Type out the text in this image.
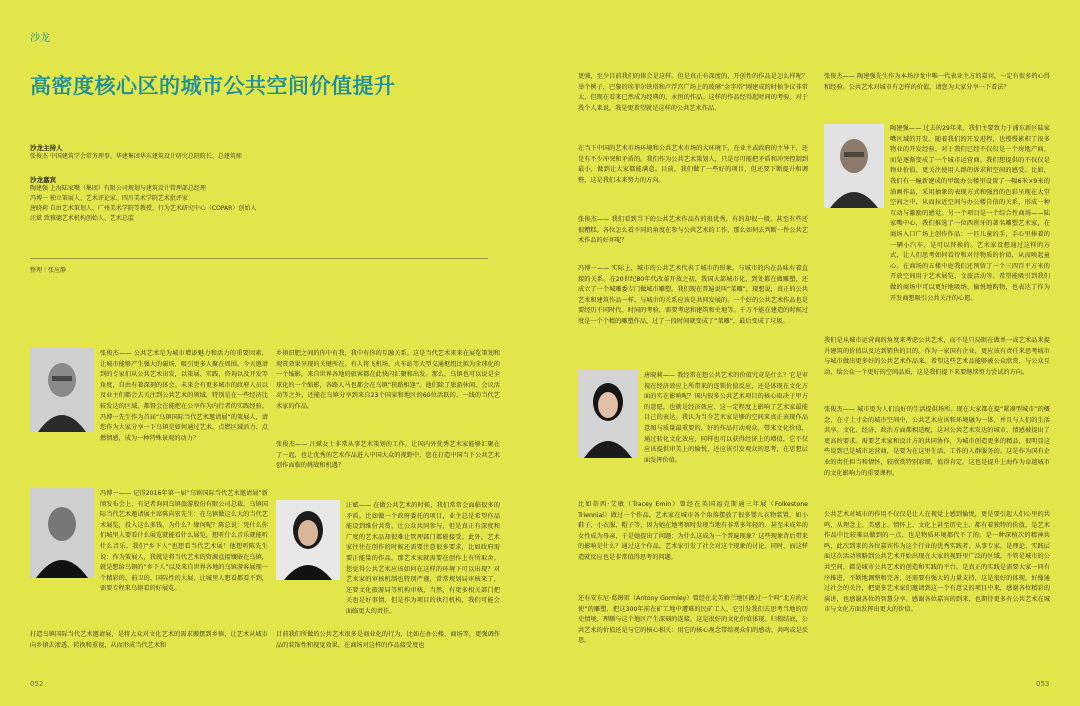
沙龙
高密度核心区的城市公共空间价值提升
沙龙主持人
张俊杰 中国建筑学会常务理事、华建集团华东建筑设计研究总院院长、总建筑师
沙龙嘉宾
陶建强 上海陆家嘴（集团）有限公司规划与建筑设计管理部总经理
冯博一 独立策展人、艺术评论家、四川美术学院艺术批评家
唐晓莉 自由艺术策划人、广州美术学院等教授、行为艺术研究中心（COPAR）创始人
汪斌 致雅德艺术机构创始人、艺术总监
整理｜张应静
张俊杰—— 公共艺术是为城市增添魅力和活力的重要因素，让城市能够产生强大的磁场，吸引更多人聚在周围。今天邀请到的专家们从公共艺术出发，以策展、实践、咨询以及开发等角度，自由有着深刻的体会。未来会有更多城市的政府人员以及业主们都会去关注到公共艺术的领域，特别是在一些经济比较发达的区域，都督会在能把在公享作为内行者的实践经验。冯博一先生作为首届“乌镇国际当代艺术邀请展”的策展人，请您作为大家分享一下乌镇是如何通过艺术，点燃区域活力、点燃情感，成为一种特殊景观的动力？
冯博一—— 记得2016年第一届“乌镇国际当代艺术邀请展”新闻发布会上，有记者询问乌镇旅游股份有限公司总裁、乌镇国际当代艺术邀请展主席陈向宏先生：在乌镇做这么大的当代艺术展览，投入这么多钱，为什么？缘何呢？陈总说：凭什么你们城里人要看什么展览就能看什么展览，想听什么音乐就能听什么音乐。我们“乡下人”也想看当代艺术展！他想听陈先生说：作为策展人，我就是将当代艺术的资源直接镶嵌在乌镇，就是想给乌镇的“乡下人”以及来自世界各地的乌镇游客展现一个精彩的、前卫的、国际性的大展，让城里人想看都看不到，需要专程来乌镇看的好展览。
打造乌镇国际当代艺术邀请展，是将大众对文化艺术的需求搬摆到乡镇，让艺术从城市向乡镇去渗透、转换和重视，从而形成当代艺术和
052
乡镇旧肥之间的你中有我，我中有你的互融关系。这是当代艺术来来在展览策划和观赏效果呈现的关键所在。有人将飞机场、火车站等大型交通枢纽比拟为全球化的一个缩影，来自世界各地的旅客都在此快闪汇聚和出发。那么，乌镇也可以说是全球化的一个缩影，各路人马也都会在乌镇“狭路相逢”。他们除了旅游休闲、会议活动等之外，还能在乌镇分享到来自23个国家和地区的60位活跃的、一线的当代艺术家的作品。
张俊杰—— 汪斌女士非常从事艺术策划的工作，让国内外优秀艺术家能够汇聚在了一起，也让优秀的艺术作品进入中国大众的视野中，您在打造中国当下公共艺术创作面临的挑战和机遇？
汪斌—— 在做公共艺术的时候，我们常常会面临很多的矛盾。比如做一个政府委托的项目，业主总是希望作品能设到维份共赏，让公众共同参与，但是真正有深度和广度的艺术品却很难让管理部门都能接受。此外，艺术家往往在创作的时候还需要注意很多要求，比如政府需要正能量的作品，那艺术家就需要在创作上有所取舍。您觉得公共艺术应该如何在这样的环境下可以出现？对艺术家的审核机制也特别严谨，常常规划局审核来了，还要文化旅游局等机构审核，当然，有更多相关部门把关也是好事情，但是作为项目的执行机构，我们可能会面临更大的责任。
目前我们所做的公共艺术很多是商业化的行为，比如在办公楼、商场等，更强调作品的装饰性和视觉效果，在商场对这样的作品接受度也
更强，至少目前我们的体会是这样。但是真正有深度的、开创性的作品是怎么样呢？举个例子，巴黎的埃菲尔铁塔和卢浮宫广场上的玻璃“金字塔”刚建成的时候争议非常大，但现在看来已然成为经典的、永恒的作品。这样的作品经得起时间的考验。对于我个人来说，我是更希望就是这样的公共艺术作品。
在当下中国的艺术市场环境和公共艺术市场的大环境下，在业主或政府的主导下，还是有不少冲突和矛盾的。我们作为公共艺术策划人，只是尽可能把矛盾和冲突控制到最小，做到让大家都能满意。目前，我们做了一些好的项目，但还要下断提升和调整，这是我们未来努力的方向。
张俊杰—— 我们看到当下的公共艺术作品有的很优秀，有的却很一般，甚至有些还很糟糕。各位怎么看不同的角度在参与公共艺术的工作，那么如何去判断一件公共艺术作品的好坏呢？
冯博一—— 实际上，城市的公共艺术代表了城市的形象，与城市的内在品味有着直接的关系。在20世纪80年代改革开放之初，我国大部城市化，到处都在做雕塑，还成立了一个城雕委专门做城市雕塑。我们现在普遍说叫“菜雕”，现想说，真正的公共艺术和建筑作品一样，与城市的关系应该是共同发展的。一个好的公共艺术作品也是要经历不同时代、时间的考验，需要考虑和建筑和史地等。千万不能在建造的时候过度是一个个精的雕塑作品，过了一段时间就变成了“菜雕”，最后变成了垃圾。
唐晓莉—— 我经常在想公共艺术的价值究竟是什么？它是审视在经济效应上所带来的连锁价值反应，还是体现在文化方面的实在影响呢？国内很多公共艺术项目的核心取决于甲方的意愿，也就是经济效应，这一定程度上影响了艺术家最能目己的表达。我认为当今艺术家是够的空间来真正表现作品意图与质量最重要的。好的作品打动观众，带来文化价值，通过转化文化效应，同样也可以获得经济上的增值，它不仅应该提供审美上的愉悦，还应该引发观众的思考，在思想层面发挥价值。
比如蒂西·艾敏（Tracey Emin）曾经在英国福克斯通三年展（Folkestone Triennial）做过一个作品，艺术家在城市各个角落摆放了很多婴儿衣物装置，如小鞋子、小衣服、帽子等，因为她在地考察时发现当地有非常多年轻的、甚至未成年的女性成为母亲，于是她提出了问题：为什么这成为一个普遍现象？这些现象背后带来的影响是什么？通过这个作品，艺术家引发了社会对这个现象的讨论，同时，而这样造就反应也是非常值得思考的问题。
还有安东尼·葛姆雷（Antony Gormley）曾经在北英格兰地区做过一个叫“北方的天使”的雕塑，把这300年前在矿工地中遭难的民矿工人，它引发我们去思考当地的历史情境，理顺与这个地区产生深刻的连接。这是很好的文化价值体现。归根结底，公共艺术的价值还是与它的核心相关：用它的核心观念带给观众们的感动、共鸣或是反思。
张俊杰—— 陶建强先生作为本场沙龙中唯一代表业主方的嘉宾，一定有很多的心得和经验。公共艺术对城市有怎样的价值，请您为大家分享一下看法？
陶建强—— 过去的29年来，我们主要致力于浦东新区陆家嘴区域的开发。随着我们的开发进程，也慢慢累积了很多物业的开发经验。对于我们已经不仅仅是一个房地产商，而是逐渐变成了一个城市运营商。我们想提供的不仅仅是物业价值。更关注使用人群的诉求和空间的感受。比如，我们有一幢新建成的甲级办公楼里设置了一幅6米×9米的油画作品，采用抽象的表现方式和强烈的色彩呈现在大堂空间之中，从而拉近空间与办公楼自信的关系，形成一种互动与激励的感觉。另一个项目是一个综合性商场——陆家嘴中心，我们推选了一位西班牙的著名雕塑艺术家，在商场入口广场上创作作品：一匹儿童的手，手心里捧着的一辆小汽车，是可以替换的。艺术家设想通过这样的方式，让人们思考如何看待和对待物质的价值，从而唤起童心。在商场的五楼中庭我们还预留了一个三四百平方米的开放空间用于艺术展览、文旅活动等。希望能吸引到我们做的商场中可以更好地吸纳、愉悦地购物，也表达了作为开发商想吸引公共关注的心愿。
我们是从城市运营商的角度来考虑公共艺术，而不是只局限在做单一或艺术品来提升建筑的价值以及达到销售的目的。作为一家国有企业，更应该有责任来思考城市与城市做出更多好的公共艺术作品来。希望这些艺术品能够被公众欣赏，与公众互动，给公众一个更好的空间品质，这是我们提下来要继续努力尝试的方向。
张俊杰—— 城市更为人们良好的生活提供场所。现在大家都在提“紧凑型城市”的概念，在寸土寸金的城市空间中，公共艺术应该和环境融为一体，并且与人们的生活共享。文化、经济、政治方面都相适配，这对公共艺术发达的城市，情感被提出了更高的要求。需要艺术家和设计方的共同协作，为城市创造更多的精品，很明显这些说到已是城市运营商，是要为在这里生活、工作的人群服务的。这是作为国有企业的责任担当和情怀，较欣赏特别彩细，值得肯定。这也是提升上海作为卓越城市的文化影响力的重要课程。
公共艺术对城市的作用不仅仅是让人在视觉上感到愉悦，更是要引起人们心里的共鸣，从理念上、美感上、情怀上、文化上甚至历史上，都有着独特的价值，是艺术作品中比较难以做到的一点，也是物质环境都代不了的。是一种深植次的精神共鸣，此次到来的各位嘉宾作为这个行业的优秀实践者、从事专家，是理论、实践层面这次活动领略到公共艺术开始出现在大家的视野里广泛的区域。不管是城市的公共空间，都是城市公共艺术的创造和实践的平台。是真正的实践是需要大家一同有序推进，不断地调整和完善，还需要有强大的力量支持，这是很好的体现，好像通过社会的关注，把更多艺术家们邀请到这一个有意义的项目中来，感谢各位精彩的演讲，也感谢各位的智慧分享。感谢各位嘉宾的到来，也期待更多有公共艺术在城市与文化方面发挥出更大的价值。
053
